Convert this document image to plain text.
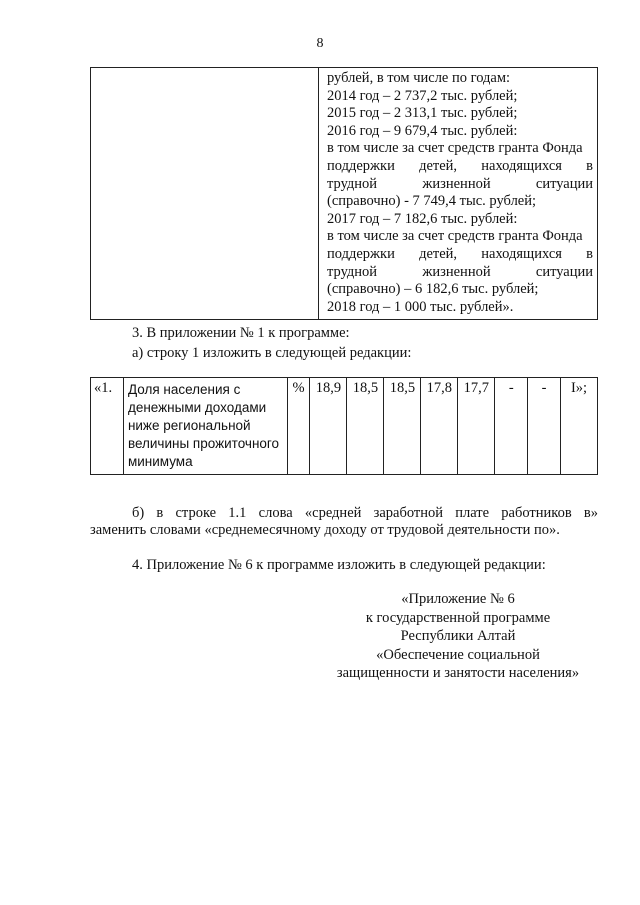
8
	рублей, в том числе по годам:
2014 год – 2 737,2 тыс. рублей;
2015 год – 2 313,1 тыс. рублей;
2016 год – 9 679,4 тыс. рублей:
в том числе за счет средств гранта Фонда

поддержки детей, находящихся в
трудной жизненной ситуации
(справочно) - 7 749,4 тыс. рублей;
2017 год – 7 182,6 тыс. рублей:
в том числе за счет средств гранта Фонда

поддержки детей, находящихся в
трудной жизненной ситуации
(справочно) – 6 182,6 тыс. рублей;
2018 год – 1 000 тыс. рублей».
3. В приложении № 1 к программе:
а) строку 1 изложить в следующей редакции:
«1.	Доля населения с денежными доходами ниже региональной величины прожиточного минимума	%	18,9	18,5	18,5	17,8	17,7	-	-	І»;
б) в строке 1.1 слова «средней заработной плате работников в»
заменить словами «среднемесячному доходу от трудовой деятельности по».
4. Приложение № 6 к программе изложить в следующей редакции:
«Приложение № 6
к государственной программе
Республики Алтай
«Обеспечение социальной
защищенности и занятости населения»
